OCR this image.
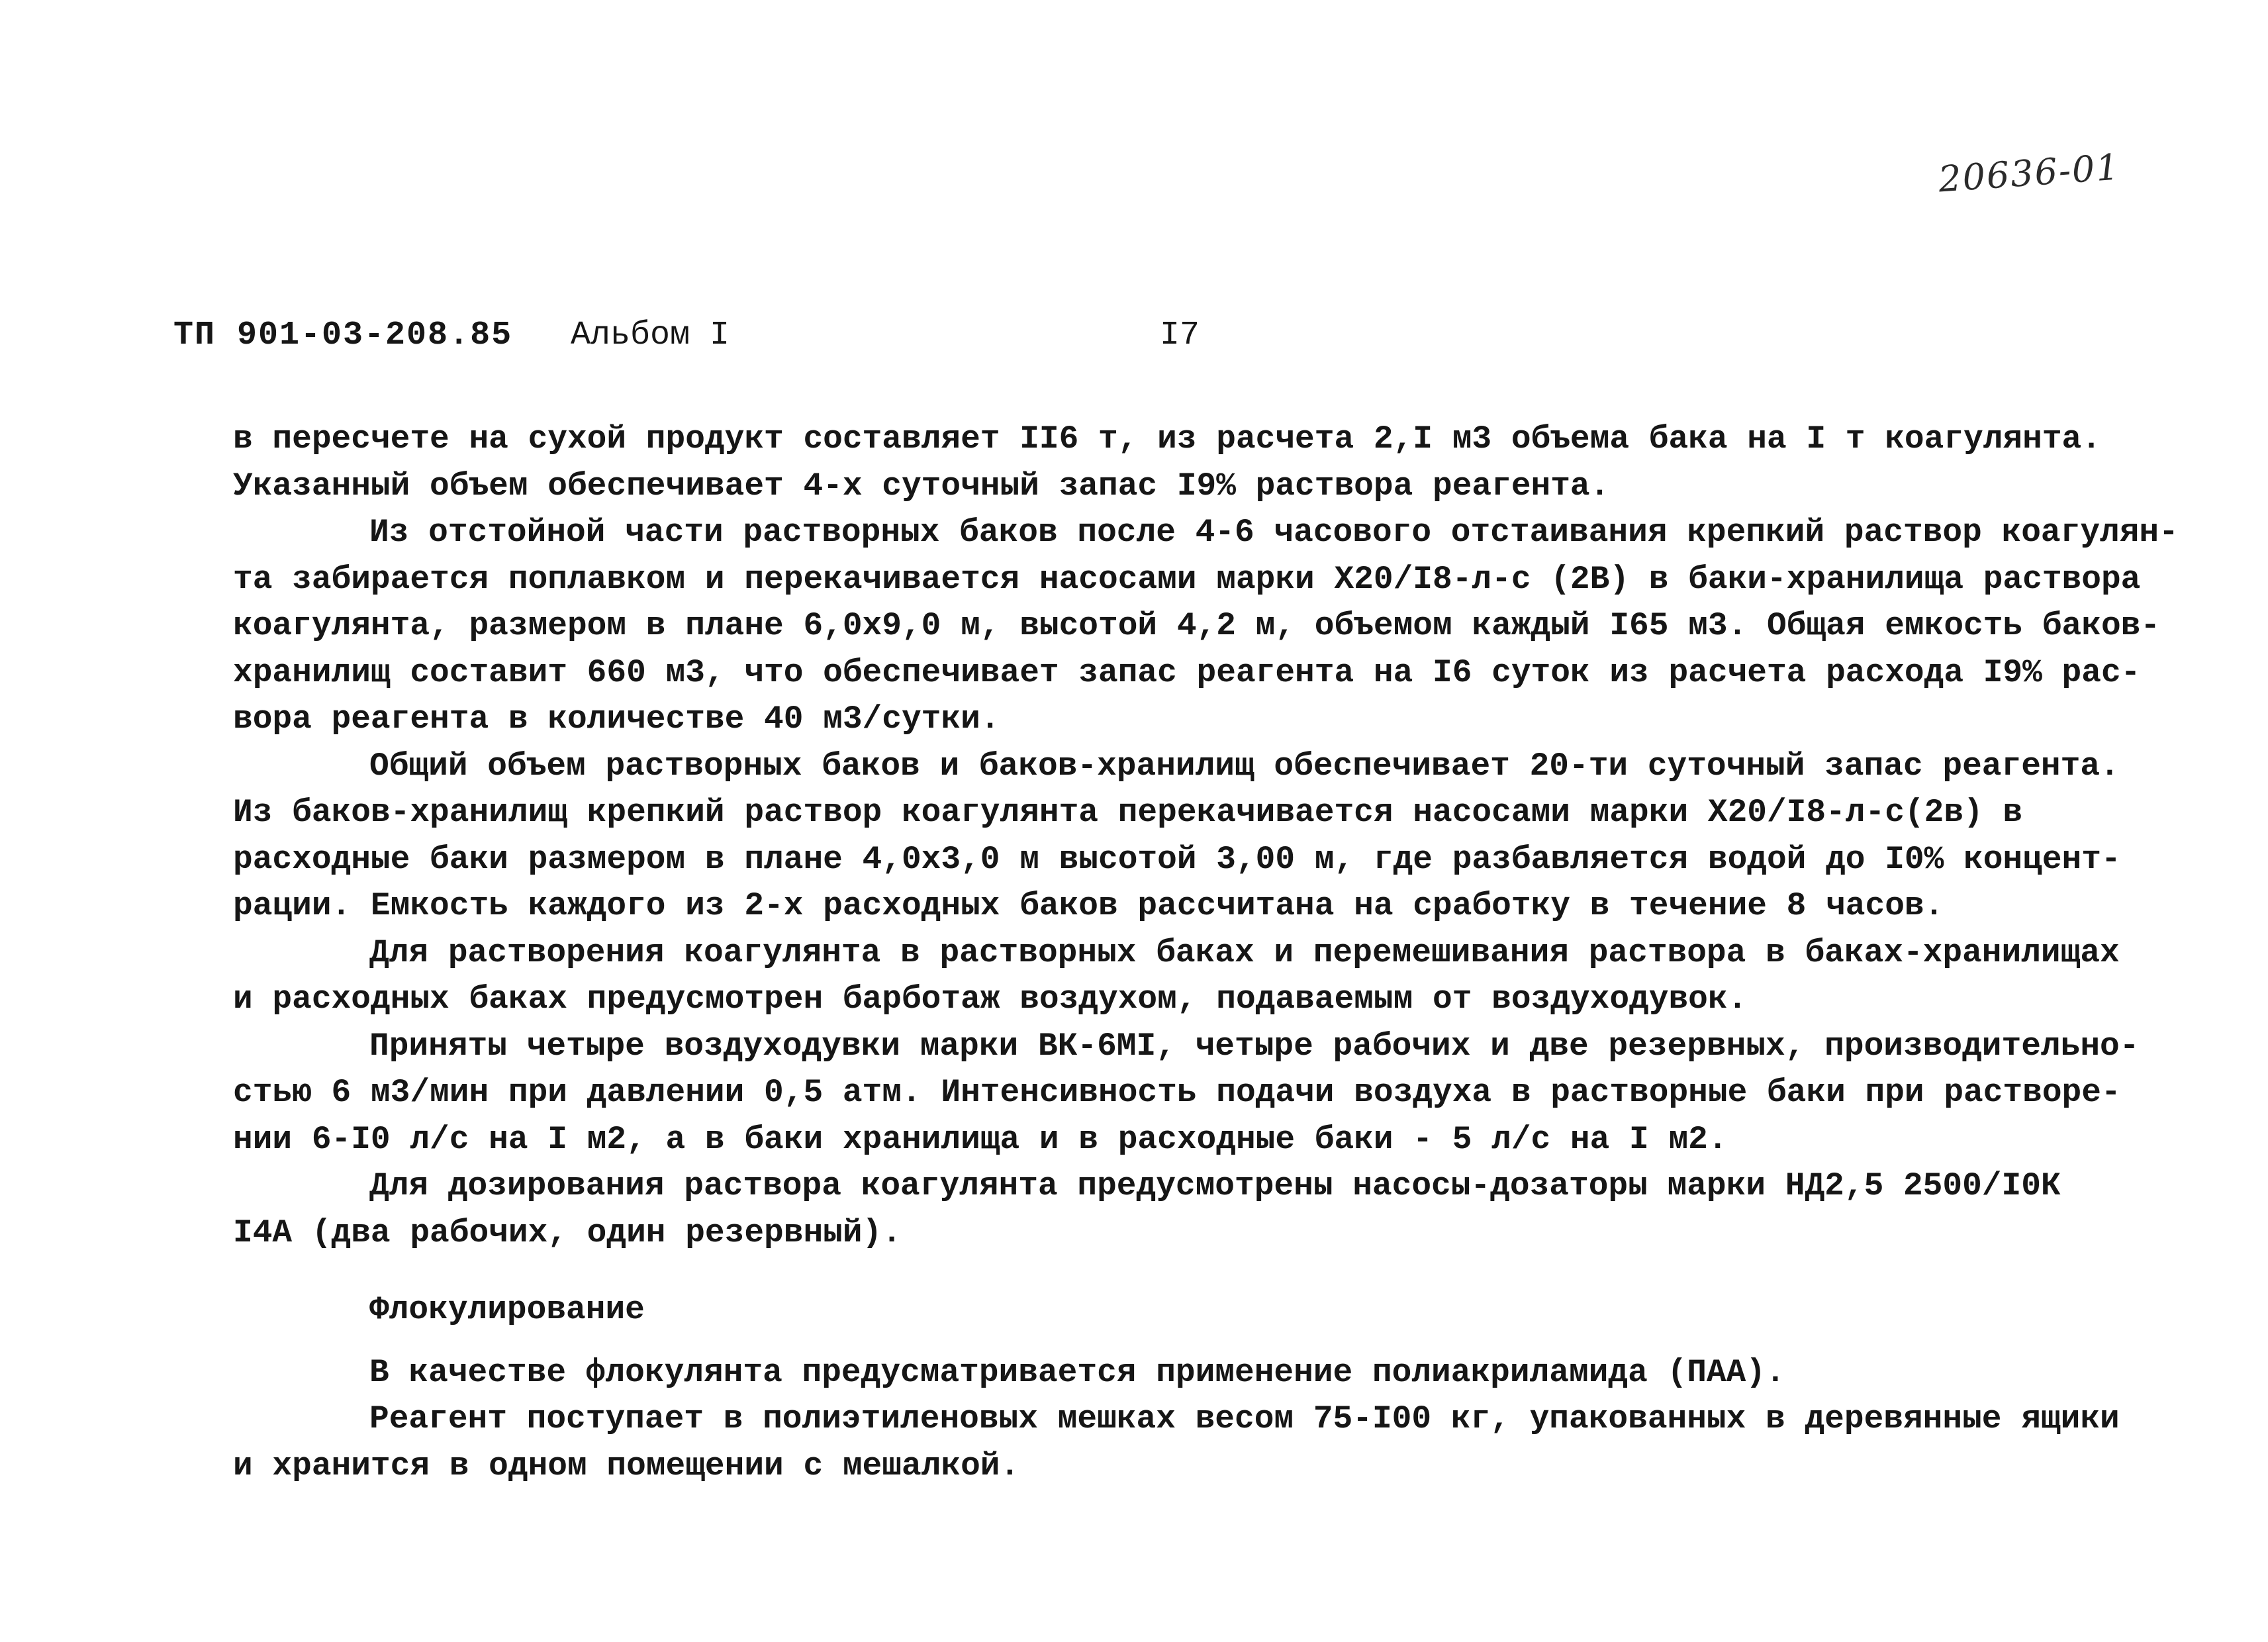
20636-01
ТП 901-03-208.85 Альбом I	I7
в пересчете на сухой продукт составляет II6 т, из расчета 2,I м3 объема бака на I т коагулянта.
Указанный объем обеспечивает 4-х суточный запас I9% раствора реагента.
Из отстойной части растворных баков после 4-6 часового отстаивания крепкий раствор коагулян-
та забирается поплавком и перекачивается насосами марки Х20/I8-л-с (2В) в баки-хранилища раствора
коагулянта, размером в плане 6,0х9,0 м, высотой 4,2 м, объемом каждый I65 м3. Общая емкость баков-
хранилищ составит 660 м3, что обеспечивает запас реагента на I6 суток из расчета расхода I9% рас-
вора реагента в количестве 40 м3/сутки.
Общий объем растворных баков и баков-хранилищ обеспечивает 20-ти суточный запас реагента.
Из баков-хранилищ крепкий раствор коагулянта перекачивается насосами марки Х20/I8-л-с(2в) в
расходные баки размером в плане 4,0х3,0 м высотой 3,00 м, где разбавляется водой до I0% концент-
рации. Емкость каждого из 2-х расходных баков рассчитана на сработку в течение 8 часов.
Для растворения коагулянта в растворных баках и перемешивания раствора в баках-хранилищах
и расходных баках предусмотрен барботаж воздухом, подаваемым от воздуходувок.
Приняты четыре воздуходувки марки ВК-6МI, четыре рабочих и две резервных, производительно-
стью 6 м3/мин при давлении 0,5 атм. Интенсивность подачи воздуха в растворные баки при растворе-
нии 6-I0 л/с на I м2, а в баки хранилища и в расходные баки - 5 л/с на I м2.
Для дозирования раствора коагулянта предусмотрены насосы-дозаторы марки НД2,5 2500/I0К
I4А (два рабочих, один резервный).
Флокулирование
В качестве флокулянта предусматривается применение полиакриламида (ПАА).
Реагент поступает в полиэтиленовых мешках весом 75-I00 кг, упакованных в деревянные ящики
и хранится в одном помещении с мешалкой.
